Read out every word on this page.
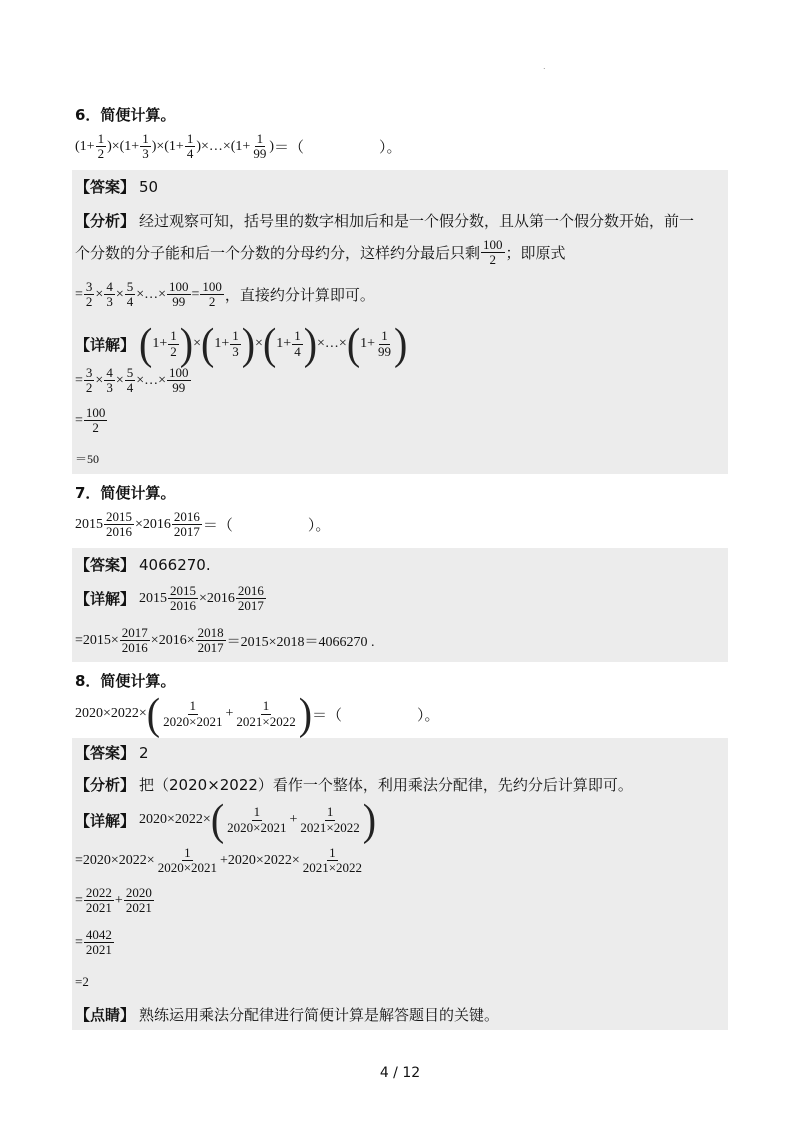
.
6．简便计算。
$(1+ \frac{1}{2} )\times(1+ \frac{1}{3} )\times(1+ \frac{1}{4}$ )×…×(1+ $\frac{1}{99}$ ) ＝（　　　　　）。
【答案】 50
【分析】 经过观察可知，括号里的数字相加后和是一个假分数，且从第一个假分数开始，前一
个分数的分子能和后一个分数的分母约分，这样约分最后只剩 $\frac{100}{2}$ ；即原式
= $\frac{3}{2} \times \frac{4}{3} \times \frac{5}{4}$ ×…× $\frac{100}{99} = \frac{100}{2}$ ，直接约分计算即可。
【详解】 ( $1+ \frac{1}{2}$ ) × ( $1+ \frac{1}{3}$ ) × ( $1+ \frac{1}{4}$ ) ×…× ( $1+ \frac{1}{99}$ )
= $\frac{3}{2} \times \frac{4}{3} \times \frac{5}{4}$ ×…× $\frac{100}{99}$
= $\frac{100}{2}$
＝50
7．简便计算。
$2015 \frac{2015}{2016} \times 2016 \frac{2016}{2017}$ ＝（　　　　　）。
【答案】 4066270.
【详解】 $2015 \frac{2015}{2016} \times 2016 \frac{2016}{2017}$
$=2015\times \frac{2017}{2016} \times 2016\times \frac{2018}{2017} =2015\times 2018=4066270$ .
8．简便计算。
2020×2022× ( $\frac{1}{2020\times 2021} + \frac{1}{2021\times 2022}$ ) ＝（　　　　　）。
【答案】 2
【分析】 把（2020×2022）看作一个整体，利用乘法分配律，先约分后计算即可。
【详解】 2020×2022× ( $\frac{1}{2020\times 2021} + \frac{1}{2021\times 2022}$ )
$=2020\times 2022\times \frac{1}{2020\times 2021} +2020\times 2022\times \frac{1}{2021\times 2022}$
= $\frac{2022}{2021} + \frac{2020}{2021}$
= $\frac{4042}{2021}$
=2
【点睛】 熟练运用乘法分配律进行简便计算是解答题目的关键。
4 / 12
